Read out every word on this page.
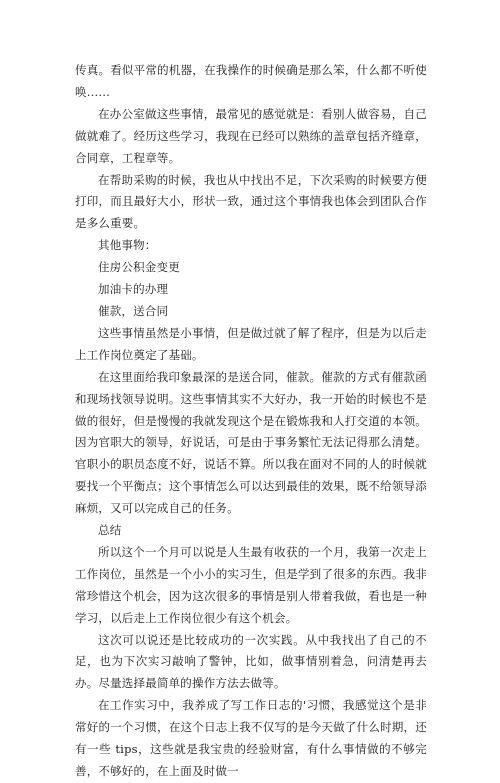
传真。看似平常的机器，在我操作的时候确是那么笨，什么都不听使唤……

在办公室做这些事情，最常见的感觉就是：看别人做容易，自己做就难了。经历这些学习，我现在已经可以熟练的盖章包括齐缝章，合同章，工程章等。

在帮助采购的时候，我也从中找出不足，下次采购的时候要方便打印，而且最好大小，形状一致，通过这个事情我也体会到团队合作是多么重要。

其他事物：

住房公积金变更

加油卡的办理

催款，送合同

这些事情虽然是小事情，但是做过就了解了程序，但是为以后走上工作岗位奠定了基础。

在这里面给我印象最深的是送合同，催款。催款的方式有催款函和现场找领导说明。这些事情其实不大好办，我一开始的时候也不是做的很好，但是慢慢的我就发现这个是在锻炼我和人打交道的本领。因为官职大的领导，好说话，可是由于事务繁忙无法记得那么清楚。官职小的职员态度不好，说话不算。所以我在面对不同的人的时候就要找一个平衡点；这个事情怎么可以达到最佳的效果，既不给领导添麻烦，又可以完成自己的任务。

总结

所以这个一个月可以说是人生最有收获的一个月，我第一次走上工作岗位，虽然是一个小小的实习生，但是学到了很多的东西。我非常珍惜这个机会，因为这次很多的事情是别人带着我做，看也是一种学习，以后走上工作岗位很少有这个机会。

这次可以说还是比较成功的一次实践。从中我找出了自己的不足，也为下次实习敲响了警钟，比如，做事情别着急，问清楚再去办。尽量选择最简单的操作方法去做等。

在工作实习中，我养成了写工作日志的'习惯，我感觉这个是非常好的一个习惯，在这个日志上我不仅写的是今天做了什么时期，还有一些 tips，这些就是我宝贵的经验财富，有什么事情做的不够完善，不够好的，在上面及时做一
